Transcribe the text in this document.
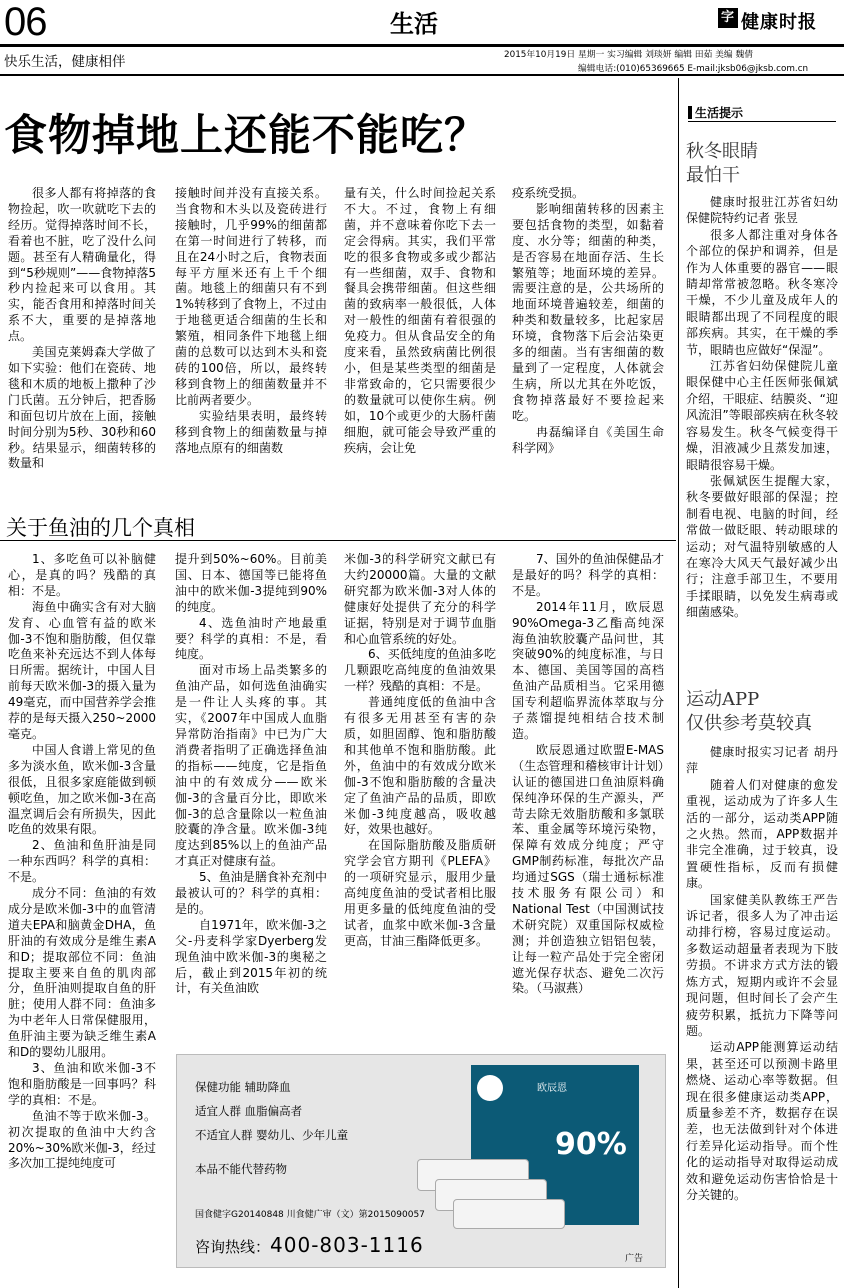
06	生活	字 健康时报
快乐生活，健康相伴	2015年10月19日 星期一 实习编辑 刘琰妍 编辑 田茹 美编 魏倩
编辑电话:(010)65369665 E-mail:jksb06@jksb.com.cn
食物掉地上还能不能吃？

很多人都有将掉落的食物捡起，吹一吹就吃下去的经历。觉得掉落时间不长，看着也不脏，吃了没什么问题。甚至有人精确量化，得到“5秒规则”——食物掉落5秒内捡起来可以食用。其实，能否食用和掉落时间关系不大，重要的是掉落地点。

美国克莱姆森大学做了如下实验：他们在瓷砖、地毯和木质的地板上撒种了沙门氏菌。五分钟后，把香肠和面包切片放在上面，接触时间分别为5秒、30秒和60秒。结果显示，细菌转移的数量和

接触时间并没有直接关系。当食物和木头以及瓷砖进行接触时，几乎99%的细菌都在第一时间进行了转移，而且在24小时之后，食物表面每平方厘米还有上千个细菌。地毯上的细菌只有不到1%转移到了食物上，不过由于地毯更适合细菌的生长和繁殖，相同条件下地毯上细菌的总数可以达到木头和瓷砖的100倍，所以，最终转移到食物上的细菌数量并不比前两者要少。

实验结果表明，最终转移到食物上的细菌数量与掉落地点原有的细菌数

量有关，什么时间捡起关系不大。不过，食物上有细菌，并不意味着你吃下去一定会得病。其实，我们平常吃的很多食物或多或少都沾有一些细菌，双手、食物和餐具会携带细菌。但这些细菌的致病率一般很低，人体对一般性的细菌有着很强的免疫力。但从食品安全的角度来看，虽然致病菌比例很小，但是某些类型的细菌是非常致命的，它只需要很少的数量就可以使你生病。例如，10个或更少的大肠杆菌细胞，就可能会导致严重的疾病，会让免

疫系统受损。

影响细菌转移的因素主要包括食物的类型，如黏着度、水分等；细菌的种类，是否容易在地面存活、生长繁殖等；地面环境的差异。需要注意的是，公共场所的地面环境普遍较差，细菌的种类和数量较多，比起家居环境，食物落下后会沾染更多的细菌。当有害细菌的数量到了一定程度，人体就会生病，所以尤其在外吃饭，食物掉落最好不要捡起来吃。

冉磊编译自《美国生命科学网》

关于鱼油的几个真相

1、多吃鱼可以补脑健心，是真的吗？残酷的真相：不是。

海鱼中确实含有对大脑发育、心血管有益的欧米伽-3不饱和脂肪酸，但仅靠吃鱼来补充远达不到人体每日所需。据统计，中国人目前每天欧米伽-3的摄入量为49毫克，而中国营养学会推荐的是每天摄入250~2000毫克。

中国人食谱上常见的鱼多为淡水鱼，欧米伽-3含量很低，且很多家庭能做到顿顿吃鱼，加之欧米伽-3在高温烹调后会有所损失，因此吃鱼的效果有限。

2、鱼油和鱼肝油是同一种东西吗？科学的真相：不是。

成分不同：鱼油的有效成分是欧米伽-3中的血管清道夫EPA和脑黄金DHA，鱼肝油的有效成分是维生素A和D；提取部位不同：鱼油提取主要来自鱼的肌肉部分，鱼肝油则提取自鱼的肝脏；使用人群不同：鱼油多为中老年人日常保健服用，鱼肝油主要为缺乏维生素A和D的婴幼儿服用。

3、鱼油和欧米伽-3不饱和脂肪酸是一回事吗？科学的真相：不是。

鱼油不等于欧米伽-3。初次提取的鱼油中大约含20%~30%欧米伽-3，经过多次加工提纯纯度可

提升到50%~60%。目前美国、日本、德国等已能将鱼油中的欧米伽-3提纯到90%的纯度。

4、选鱼油时产地最重要？科学的真相：不是，看纯度。

面对市场上品类繁多的鱼油产品，如何选鱼油确实是一件让人头疼的事。其实，《2007年中国成人血脂异常防治指南》中已为广大消费者指明了正确选择鱼油的指标——纯度，它是指鱼油中的有效成分——欧米伽-3的含量百分比，即欧米伽-3的总含量除以一粒鱼油胶囊的净含量。欧米伽-3纯度达到85%以上的鱼油产品才真正对健康有益。

5、鱼油是膳食补充剂中最被认可的？科学的真相：是的。

自1971年，欧米伽-3之父-丹麦科学家Dyerberg发现鱼油中欧米伽-3的奥秘之后，截止到2015年初的统计，有关鱼油欧

米伽-3的科学研究文献已有大约20000篇。大量的文献研究都为欧米伽-3对人体的健康好处提供了充分的科学证据，特别是对于调节血脂和心血管系统的好处。

6、买低纯度的鱼油多吃几颗跟吃高纯度的鱼油效果一样？残酷的真相：不是。

普通纯度低的鱼油中含有很多无用甚至有害的杂质，如胆固醇、饱和脂肪酸和其他单不饱和脂肪酸。此外，鱼油中的有效成分欧米伽-3不饱和脂肪酸的含量决定了鱼油产品的品质，即欧米伽-3纯度越高，吸收越好，效果也越好。

在国际脂肪酸及脂质研究学会官方期刊《PLEFA》的一项研究显示，服用少量高纯度鱼油的受试者相比服用更多量的低纯度鱼油的受试者，血浆中欧米伽-3含量更高，甘油三酯降低更多。

7、国外的鱼油保健品才是最好的吗？科学的真相：不是。

2014年11月，欧辰恩90%Omega-3乙酯高纯深海鱼油软胶囊产品问世，其突破90%的纯度标准，与日本、德国、美国等国的高档鱼油产品质相当。它采用德国专利超临界流体萃取与分子蒸馏提纯相结合技术制造。

欧辰恩通过欧盟E-MAS（生态管理和稽核审计计划）认证的德国进口鱼油原料确保纯净环保的生产源头，严苛去除无效脂肪酸和多氯联苯、重金属等环境污染物，保障有效成分纯度；严守GMP制药标准，每批次产品均通过SGS（瑞士通标标准技术服务有限公司）和National Test（中国测试技术研究院）双重国际权威检测；并创造独立铝铝包装，让每一粒产品处于完全密闭遮光保存状态、避免二次污染。（马淑燕）

保健功能 辅助降血
适宜人群 血脂偏高者
不适宜人群 婴幼儿、少年儿童
本品不能代替药物
国食健字G20140848 川食健广审（文）第2015090057
咨询热线：400-803-1116
欧辰恩
90%
广告
生活提示
秋冬眼睛
最怕干

健康时报驻江苏省妇幼保健院特约记者 张昱

很多人都注重对身体各个部位的保护和调养，但是作为人体重要的器官——眼睛却常常被忽略。秋冬寒冷干燥，不少儿童及成年人的眼睛都出现了不同程度的眼部疾病。其实，在干燥的季节，眼睛也应做好“保湿”。

江苏省妇幼保健院儿童眼保健中心主任医师张佩斌介绍，干眼症、结膜炎、“迎风流泪”等眼部疾病在秋冬较容易发生。秋冬气候变得干燥，泪液减少且蒸发加速，眼睛很容易干燥。

张佩斌医生提醒大家，秋冬要做好眼部的保湿；控制看电视、电脑的时间，经常做一做眨眼、转动眼球的运动；对气温特别敏感的人在寒冷大风天气最好减少出行；注意手部卫生，不要用手揉眼睛，以免发生病毒或细菌感染。

运动APP
仅供参考莫较真

健康时报实习记者 胡丹萍

随着人们对健康的愈发重视，运动成为了许多人生活的一部分，运动类APP随之火热。然而，APP数据并非完全准确，过于较真，设置硬性指标，反而有损健康。

国家健美队教练王严告诉记者，很多人为了冲击运动排行榜，容易过度运动。多数运动超量者表现为下肢劳损。不讲求方式方法的锻炼方式，短期内或许不会显现问题，但时间长了会产生疲劳积累，抵抗力下降等问题。

运动APP能测算运动结果，甚至还可以预测卡路里燃烧、运动心率等数据。但现在很多健康运动类APP，质量参差不齐，数据存在误差，也无法做到针对个体进行差异化运动指导。而个性化的运动指导对取得运动成效和避免运动伤害恰恰是十分关键的。
